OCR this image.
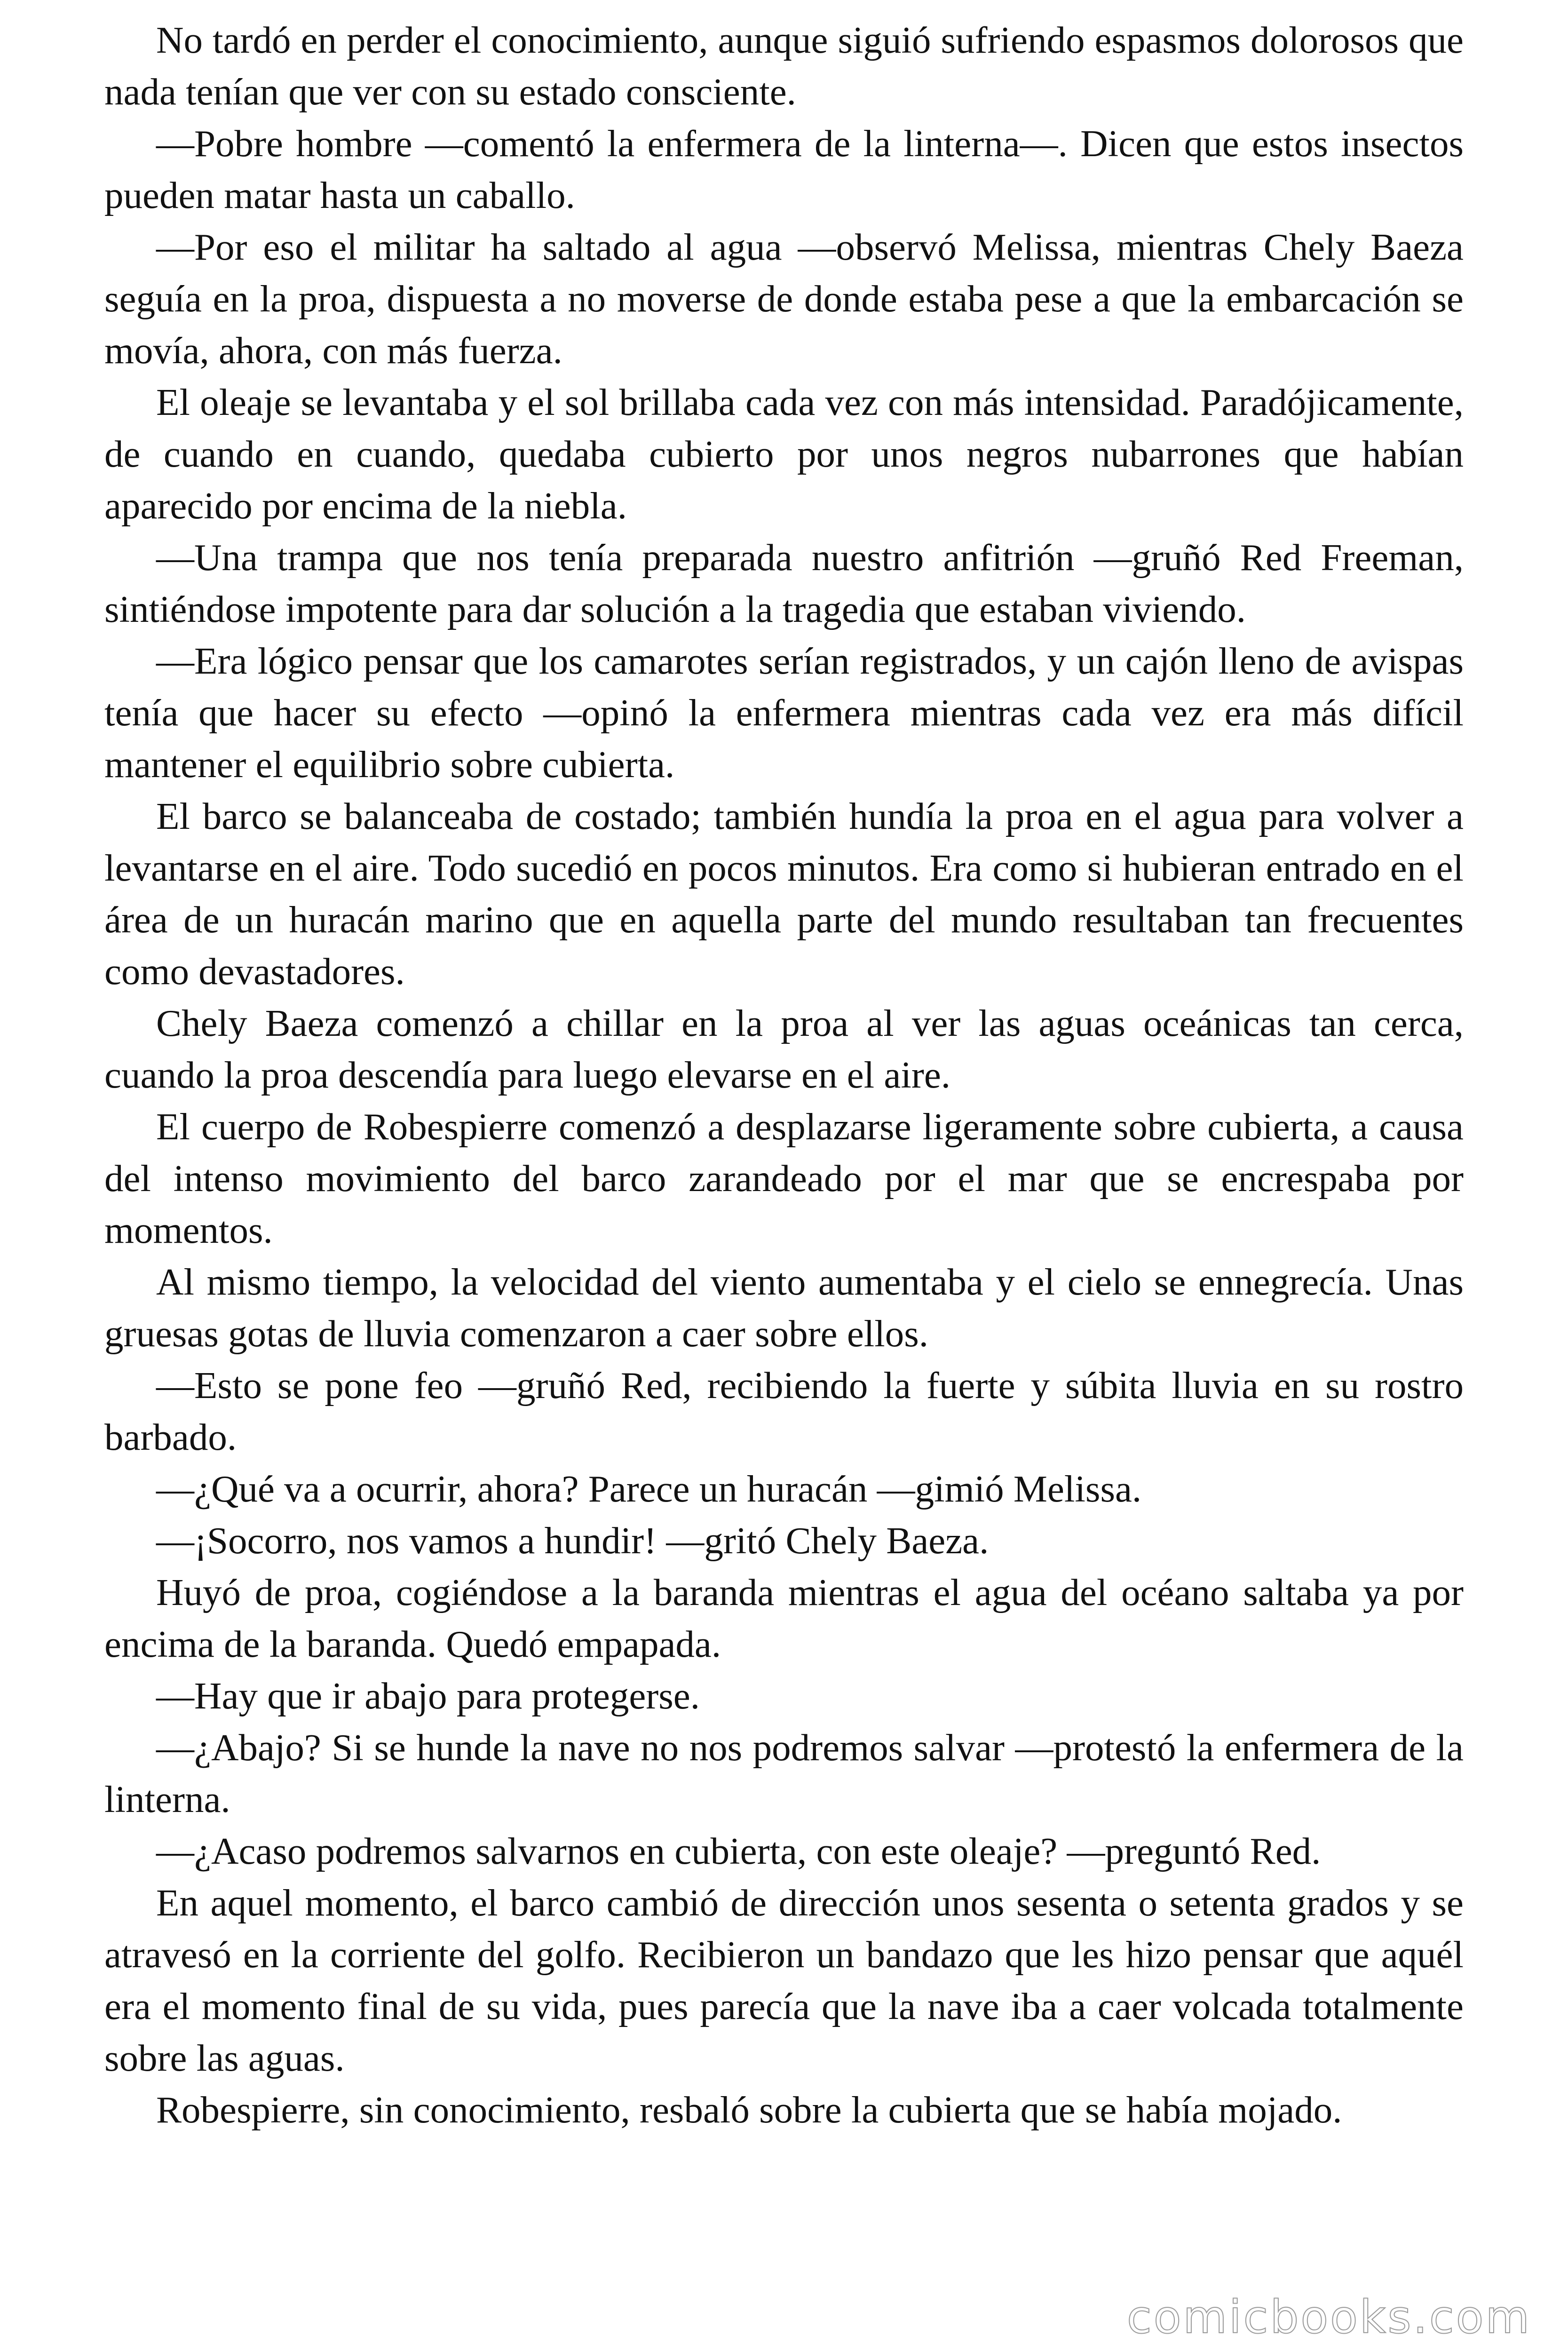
No tardó en perder el conocimiento, aunque siguió sufriendo espasmos dolorosos que nada tenían que ver con su estado consciente.

—Pobre hombre —comentó la enfermera de la linterna—. Dicen que estos insectos pueden matar hasta un caballo.

—Por eso el militar ha saltado al agua —observó Melissa, mientras Chely Baeza seguía en la proa, dispuesta a no moverse de donde estaba pese a que la embarcación se movía, ahora, con más fuerza.

El oleaje se levantaba y el sol brillaba cada vez con más intensidad. Paradójicamente, de cuando en cuando, quedaba cubierto por unos negros nubarrones que habían aparecido por encima de la niebla.

—Una trampa que nos tenía preparada nuestro anfitrión —gruñó Red Freeman, sintiéndose impotente para dar solución a la tragedia que estaban viviendo.

—Era lógico pensar que los camarotes serían registrados, y un cajón lleno de avispas tenía que hacer su efecto —opinó la enfermera mientras cada vez era más difícil mantener el equilibrio sobre cubierta.

El barco se balanceaba de costado; también hundía la proa en el agua para volver a levantarse en el aire. Todo sucedió en pocos minutos. Era como si hubieran entrado en el área de un huracán marino que en aquella parte del mundo resultaban tan frecuentes como devastadores.

Chely Baeza comenzó a chillar en la proa al ver las aguas oceánicas tan cerca, cuando la proa descendía para luego elevarse en el aire.

El cuerpo de Robespierre comenzó a desplazarse ligeramente sobre cubierta, a causa del intenso movimiento del barco zarandeado por el mar que se encrespaba por momentos.

Al mismo tiempo, la velocidad del viento aumentaba y el cielo se ennegrecía. Unas gruesas gotas de lluvia comenzaron a caer sobre ellos.

—Esto se pone feo —gruñó Red, recibiendo la fuerte y súbita lluvia en su rostro barbado.

—¿Qué va a ocurrir, ahora? Parece un huracán —gimió Melissa.

—¡Socorro, nos vamos a hundir! —gritó Chely Baeza.

Huyó de proa, cogiéndose a la baranda mientras el agua del océano saltaba ya por encima de la baranda. Quedó empapada.

—Hay que ir abajo para protegerse.

—¿Abajo? Si se hunde la nave no nos podremos salvar —protestó la enfermera de la linterna.

—¿Acaso podremos salvarnos en cubierta, con este oleaje? —preguntó Red.

En aquel momento, el barco cambió de dirección unos sesenta o setenta grados y se atravesó en la corriente del golfo. Recibieron un bandazo que les hizo pensar que aquél era el momento final de su vida, pues parecía que la nave iba a caer volcada totalmente sobre las aguas.

Robespierre, sin conocimiento, resbaló sobre la cubierta que se había mojado.

comicbooks.com
